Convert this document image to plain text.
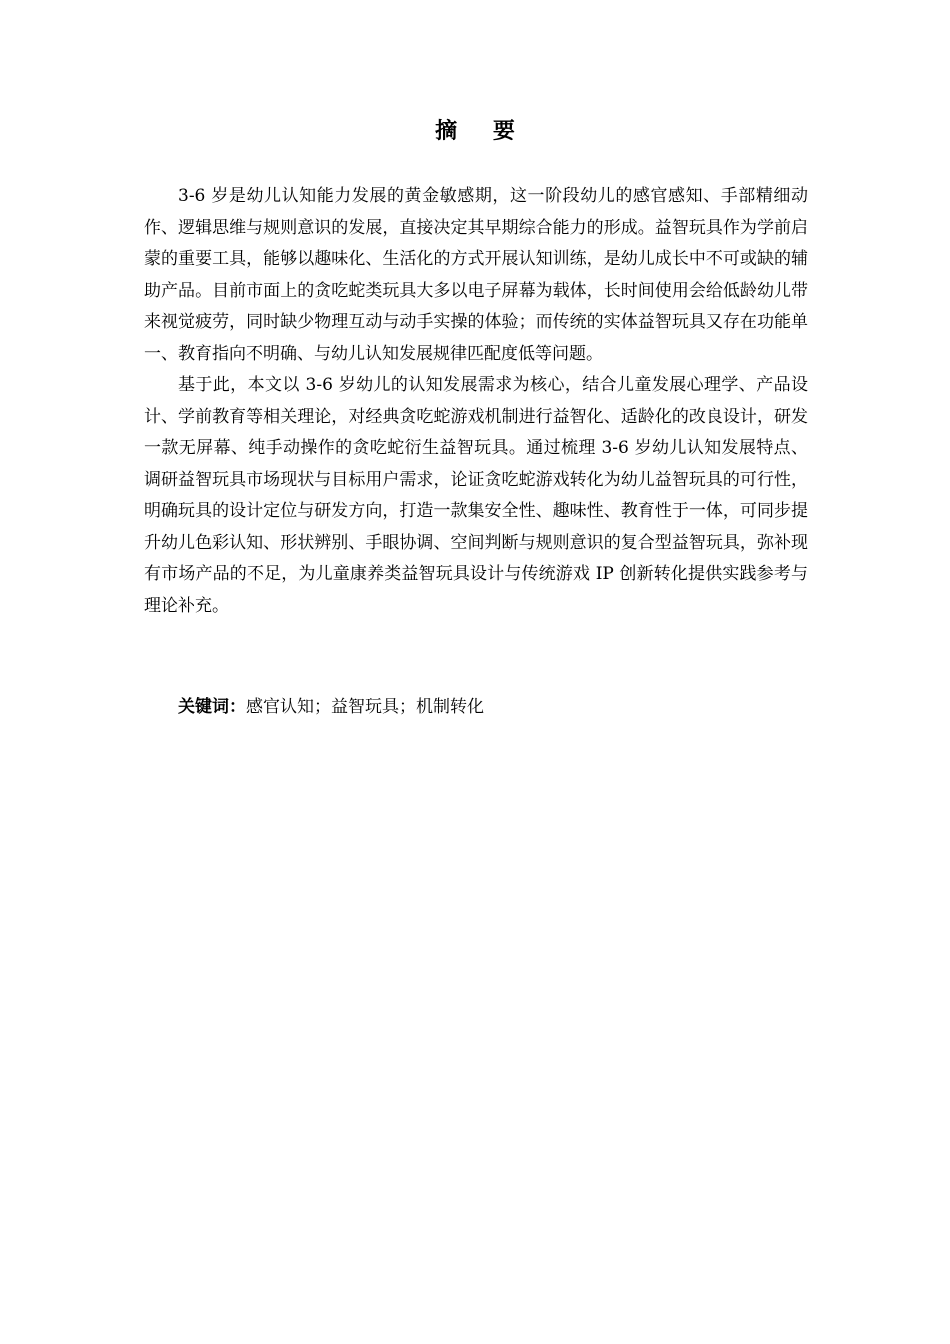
摘 要

3-6 岁是幼儿认知能力发展的黄金敏感期，这一阶段幼儿的感官感知、手部精细动作、逻辑思维与规则意识的发展，直接决定其早期综合能力的形成。益智玩具作为学前启蒙的重要工具，能够以趣味化、生活化的方式开展认知训练，是幼儿成长中不可或缺的辅助产品。目前市面上的贪吃蛇类玩具大多以电子屏幕为载体，长时间使用会给低龄幼儿带来视觉疲劳，同时缺少物理互动与动手实操的体验；而传统的实体益智玩具又存在功能单一、教育指向不明确、与幼儿认知发展规律匹配度低等问题。

基于此，本文以 3-6 岁幼儿的认知发展需求为核心，结合儿童发展心理学、产品设计、学前教育等相关理论，对经典贪吃蛇游戏机制进行益智化、适龄化的改良设计，研发一款无屏幕、纯手动操作的贪吃蛇衍生益智玩具。通过梳理 3-6 岁幼儿认知发展特点、调研益智玩具市场现状与目标用户需求，论证贪吃蛇游戏转化为幼儿益智玩具的可行性，明确玩具的设计定位与研发方向，打造一款集安全性、趣味性、教育性于一体，可同步提升幼儿色彩认知、形状辨别、手眼协调、空间判断与规则意识的复合型益智玩具，弥补现有市场产品的不足，为儿童康养类益智玩具设计与传统游戏 IP 创新转化提供实践参考与理论补充。

关键词：感官认知；益智玩具；机制转化
